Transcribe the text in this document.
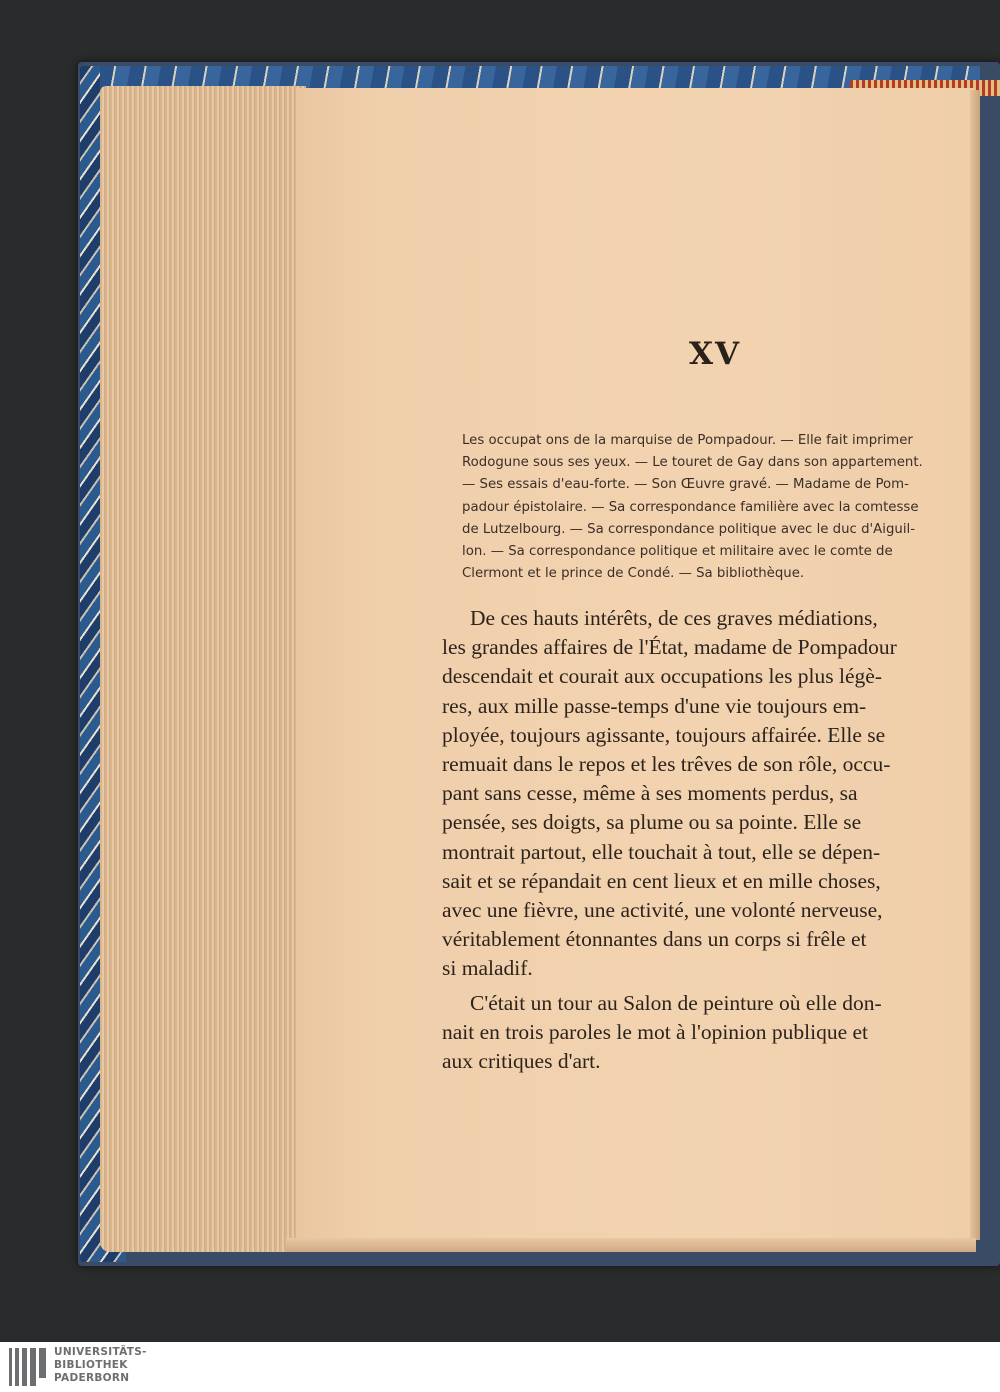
XV
Les occupat ons de la marquise de Pompadour. — Elle fait imprimer
Rodogune sous ses yeux. — Le touret de Gay dans son appartement.
— Ses essais d'eau-forte. — Son Œuvre gravé. — Madame de Pom-
padour épistolaire. — Sa correspondance familière avec la comtesse
de Lutzelbourg. — Sa correspondance politique avec le duc d'Aiguil-
lon. — Sa correspondance politique et militaire avec le comte de
Clermont et le prince de Condé. — Sa bibliothèque.
De ces hauts intérêts, de ces graves médiations,
les grandes affaires de l'État, madame de Pompadour
descendait et courait aux occupations les plus légè-
res, aux mille passe-temps d'une vie toujours em-
ployée, toujours agissante, toujours affairée. Elle se
remuait dans le repos et les trêves de son rôle, occu-
pant sans cesse, même à ses moments perdus, sa
pensée, ses doigts, sa plume ou sa pointe. Elle se
montrait partout, elle touchait à tout, elle se dépen-
sait et se répandait en cent lieux et en mille choses,
avec une fièvre, une activité, une volonté nerveuse,
véritablement étonnantes dans un corps si frêle et
si maladif.
C'était un tour au Salon de peinture où elle don-
nait en trois paroles le mot à l'opinion publique et
aux critiques d'art.
UNIVERSITÄTS-
BIBLIOTHEK
PADERBORN
